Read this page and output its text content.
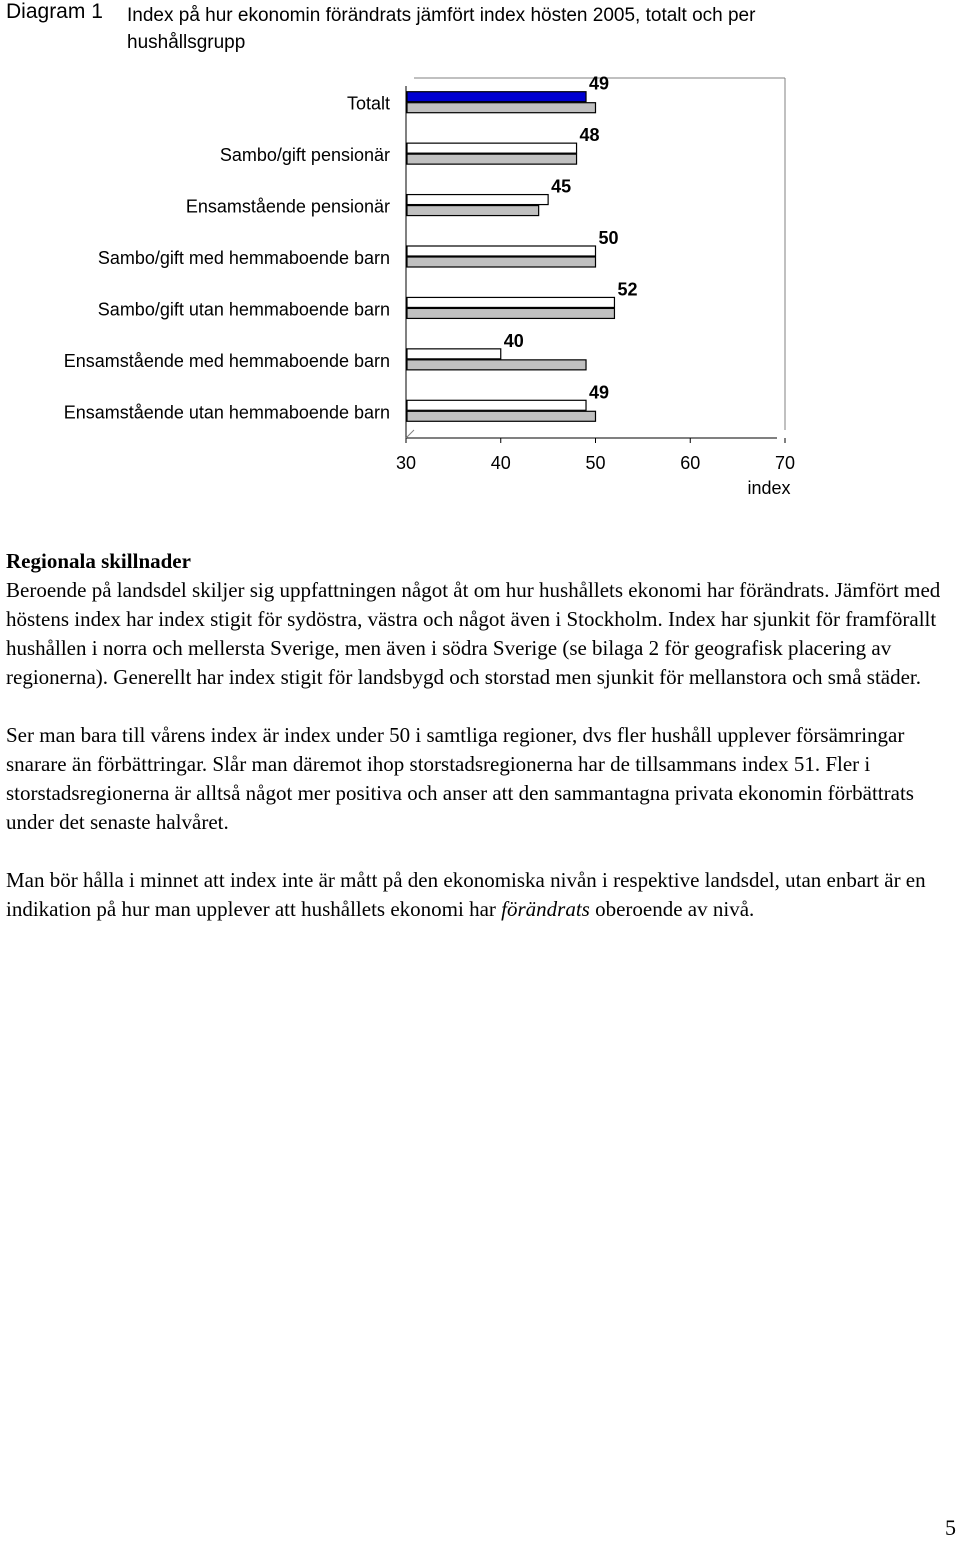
Diagram 1 Index på hur ekonomin förändrats jämfört index hösten 2005, totalt och per hushållsgrupp
30	40	50	60	70
index
Totalt
49
Sambo/gift pensionär
48
Ensamstående pensionär
45
Sambo/gift med hemmaboende barn
50
Sambo/gift utan hemmaboende barn
52
Ensamstående med hemmaboende barn
40
Ensamstående utan hemmaboende barn
49

Regionala skillnader
Beroende på landsdel skiljer sig uppfattningen något åt om hur hushållets ekonomi har förändrats. Jämfört med höstens index har index stigit för sydöstra, västra och något även i Stockholm. Index har sjunkit för framförallt hushållen i norra och mellersta Sverige, men även i södra Sverige (se bilaga 2 för geografisk placering av regionerna). Generellt har index stigit för landsbygd och storstad men sjunkit för mellanstora och små städer.

Ser man bara till vårens index är index under 50 i samtliga regioner, dvs fler hushåll upplever försämringar snarare än förbättringar. Slår man däremot ihop storstadsregionerna har de tillsammans index 51. Fler i storstadsregionerna är alltså något mer positiva och anser att den sammantagna privata ekonomin förbättrats under det senaste halvåret.

Man bör hålla i minnet att index inte är mått på den ekonomiska nivån i respektive landsdel, utan enbart är en indikation på hur man upplever att hushållets ekonomi har förändrats oberoende av nivå.

5
